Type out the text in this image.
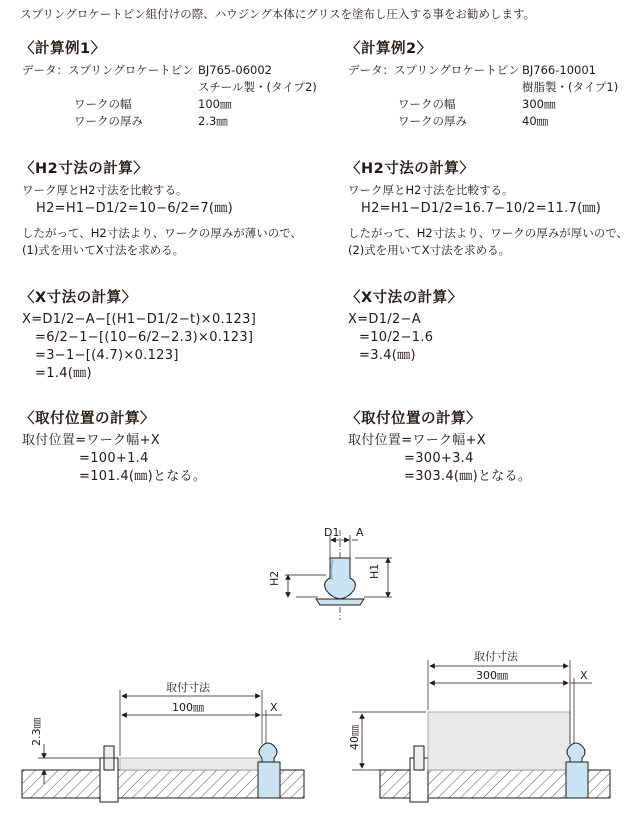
スプリングロケートピン組付けの際、ハウジング本体にグリスを塗布し圧入する事をお勧めします。
〈計算例1〉
データ：スプリングロケートピン BJ765-06002
スチール製・(タイプ2)
ワークの幅	100㎜
ワークの厚み	2.3㎜
〈H2寸法の計算〉
ワーク厚とH2寸法を比較する。
H2=H1−D1/2=10−6/2=7(㎜)
したがって、H2寸法より、ワークの厚みが薄いので、
(1)式を用いてX寸法を求める。
〈X寸法の計算〉
X=D1/2−A−[(H1−D1/2−t)×0.123]
=6/2−1−[(10−6/2−2.3)×0.123]
=3−1−[(4.7)×0.123]
=1.4(㎜)
〈取付位置の計算〉
取付位置=ワーク幅+X
=100+1.4
=101.4(㎜)となる。
〈計算例2〉
データ：スプリングロケートピン BJ766-10001
樹脂製・(タイプ1)
ワークの幅	300㎜
ワークの厚み	40㎜
〈H2寸法の計算〉
ワーク厚とH2寸法を比較する。
H2=H1−D1/2=16.7−10/2=11.7(㎜)
したがって、H2寸法より、ワークの厚みが厚いので、
(2)式を用いてX寸法を求める。
〈X寸法の計算〉
X=D1/2−A
=10/2−1.6
=3.4(㎜)
〈取付位置の計算〉
取付位置=ワーク幅+X
=300+3.4
=303.4(㎜)となる。
H2	H1
D1 A
取付寸法
100㎜	X
2.3㎜
取付寸法
300㎜	X
40㎜
